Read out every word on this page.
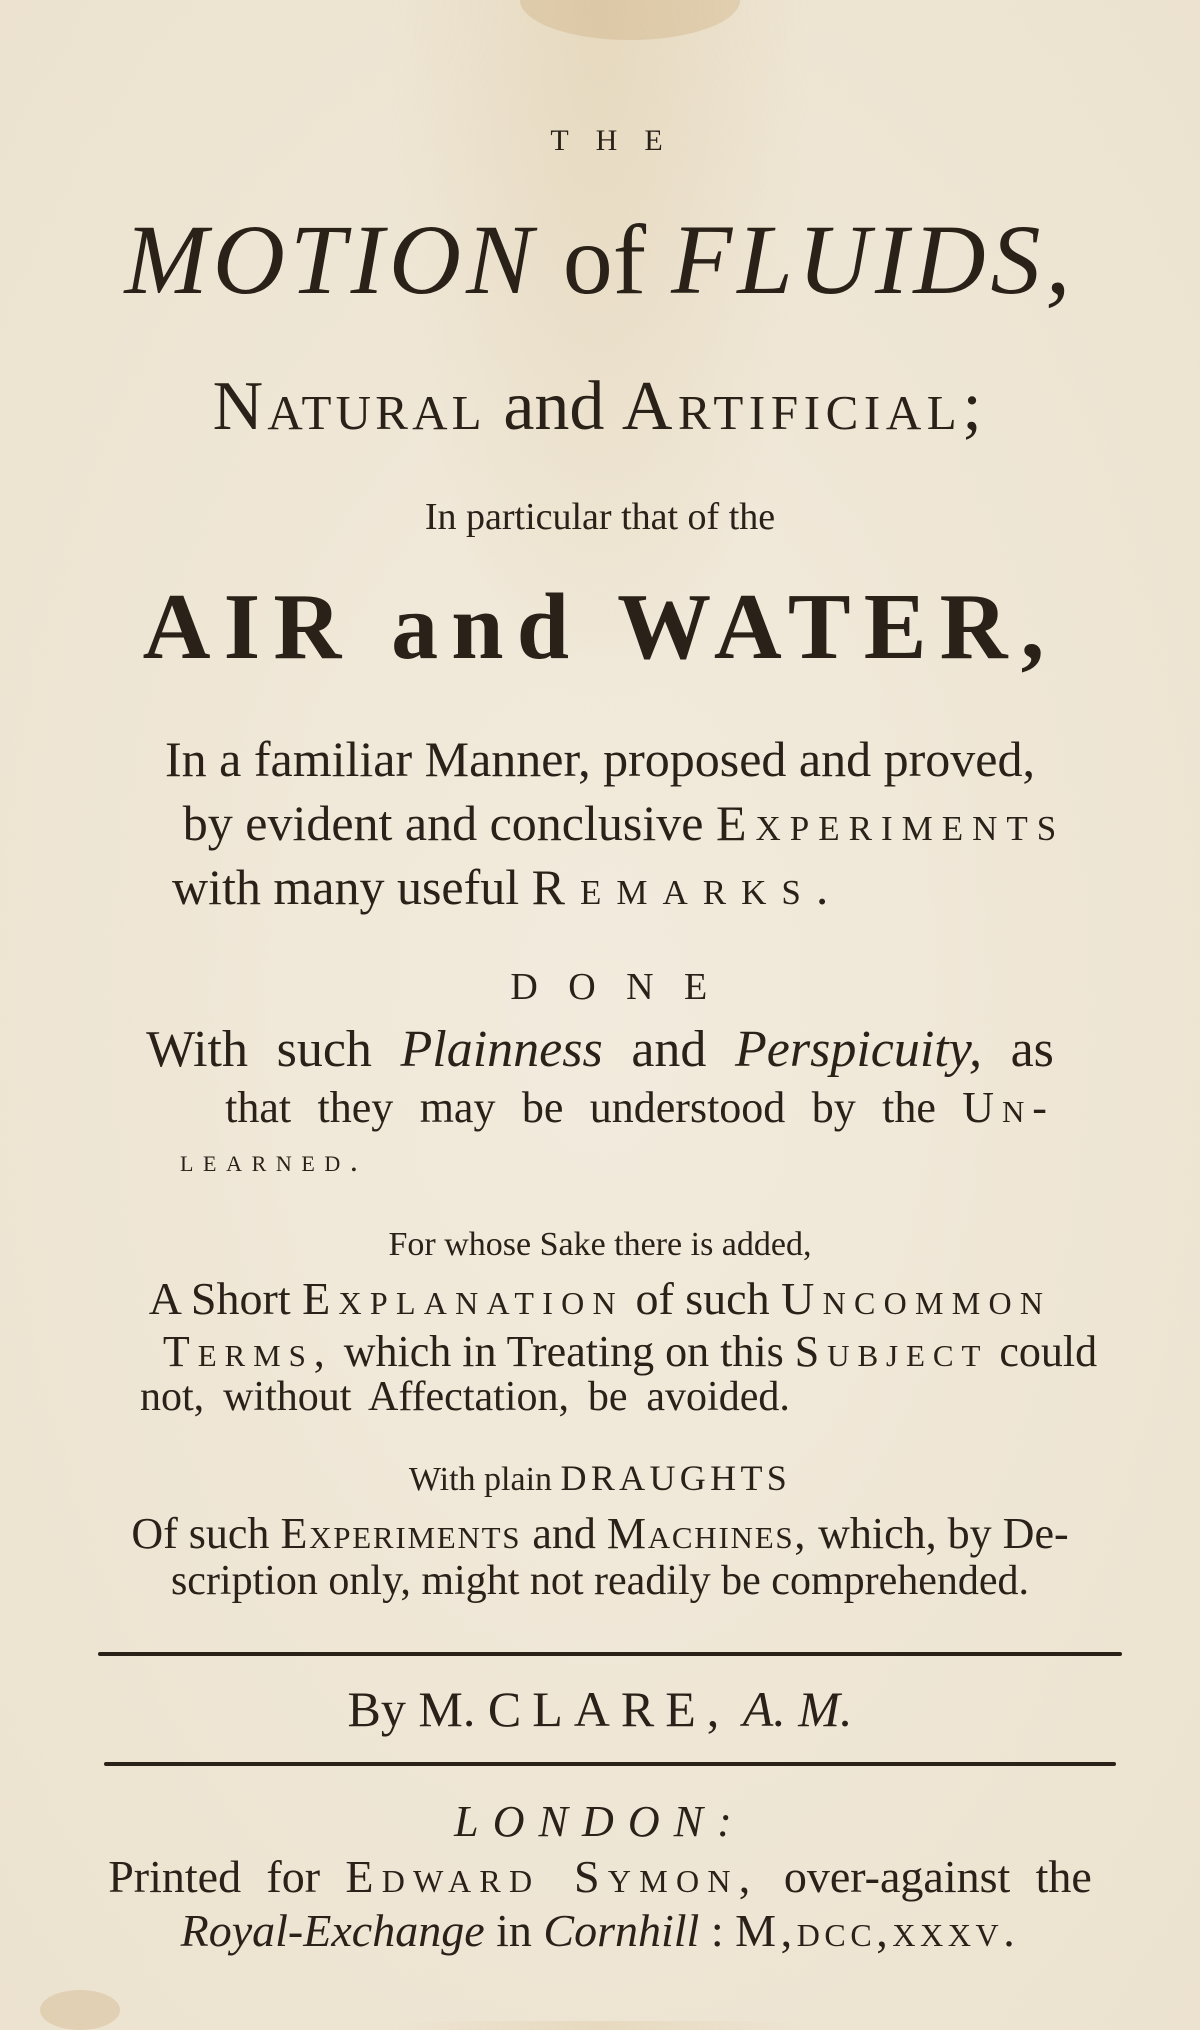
THE
MOTION of FLUIDS,
Natural and Artificial;
In particular that of the
AIR and WATER,
In a familiar Manner, proposed and proved,
by evident and conclusive Experiments
with many useful Remarks.
DONE
With such Plainness and Perspicuity, as
that they may be understood by the Un-
learned.
For whose Sake there is added,
A Short Explanation of such Uncommon
Terms, which in Treating on this Subject could
not, without Affectation, be avoided.
With plain DRAUGHTS
Of such Experiments and Machines, which, by De-
scription only, might not readily be comprehended.
By M. CLARE, A. M.
LONDON:
Printed for Edward Symon, over-against the
Royal-Exchange in Cornhill : M,dcc,xxxv.
